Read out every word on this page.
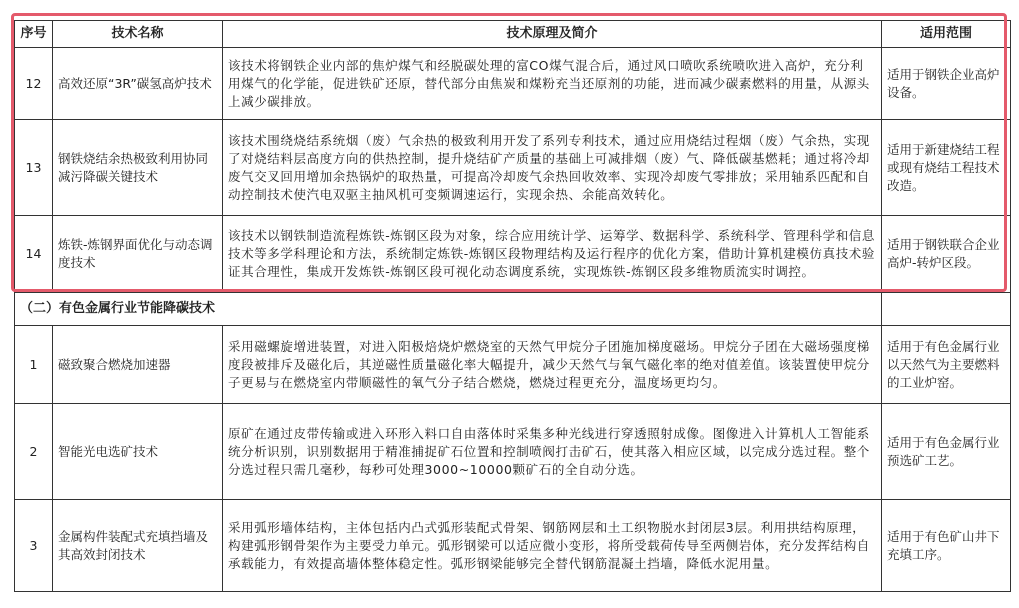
序号	技术名称	技术原理及简介	适用范围
12	高效还原“3R”碳氢高炉技术	该技术将钢铁企业内部的焦炉煤气和经脱碳处理的富CO煤气混合后，通过风口喷吹系统喷吹进入高炉，充分利用煤气的化学能，促进铁矿还原，替代部分由焦炭和煤粉充当还原剂的功能，进而减少碳素燃料的用量，从源头上减少碳排放。	适用于钢铁企业高炉设备。
13	钢铁烧结余热极致利用协同减污降碳关键技术	该技术围绕烧结系统烟（废）气余热的极致利用开发了系列专利技术，通过应用烧结过程烟（废）气余热，实现了对烧结料层高度方向的供热控制，提升烧结矿产质量的基础上可减排烟（废）气、降低碳基燃耗；通过将冷却废气交叉回用增加余热锅炉的取热量，可提高冷却废气余热回收效率、实现冷却废气零排放；采用轴系匹配和自动控制技术使汽电双驱主抽风机可变频调速运行，实现余热、余能高效转化。	适用于新建烧结工程或现有烧结工程技术改造。
14	炼铁-炼钢界面优化与动态调度技术	该技术以钢铁制造流程炼铁-炼钢区段为对象，综合应用统计学、运筹学、数据科学、系统科学、管理科学和信息技术等多学科理论和方法，系统制定炼铁-炼钢区段物理结构及运行程序的优化方案，借助计算机建模仿真技术验证其合理性，集成开发炼铁-炼钢区段可视化动态调度系统，实现炼铁-炼钢区段多维物质流实时调控。	适用于钢铁联合企业高炉-转炉区段。
（二）有色金属行业节能降碳技术			
1	磁致聚合燃烧加速器	采用磁螺旋增进装置，对进入阳极焙烧炉燃烧室的天然气甲烷分子团施加梯度磁场。甲烷分子团在大磁场强度梯度段被排斥及磁化后，其逆磁性质量磁化率大幅提升，减少天然气与氧气磁化率的绝对值差值。该装置使甲烷分子更易与在燃烧室内带顺磁性的氧气分子结合燃烧，燃烧过程更充分，温度场更均匀。	适用于有色金属行业以天然气为主要燃料的工业炉窑。
2	智能光电选矿技术	原矿在通过皮带传输或进入环形入料口自由落体时采集多种光线进行穿透照射成像。图像进入计算机人工智能系统分析识别，识别数据用于精准捕捉矿石位置和控制喷阀打击矿石，使其落入相应区域，以完成分选过程。整个分选过程只需几毫秒，每秒可处理3000~10000颗矿石的全自动分选。	适用于有色金属行业预选矿工艺。
3	金属构件装配式充填挡墙及其高效封闭技术	采用弧形墙体结构，主体包括内凸式弧形装配式骨架、钢筋网层和土工织物脱水封闭层3层。利用拱结构原理，构建弧形钢骨架作为主要受力单元。弧形钢梁可以适应微小变形，将所受载荷传导至两侧岩体，充分发挥结构自承载能力，有效提高墙体整体稳定性。弧形钢梁能够完全替代钢筋混凝土挡墙，降低水泥用量。	适用于有色矿山井下充填工序。
